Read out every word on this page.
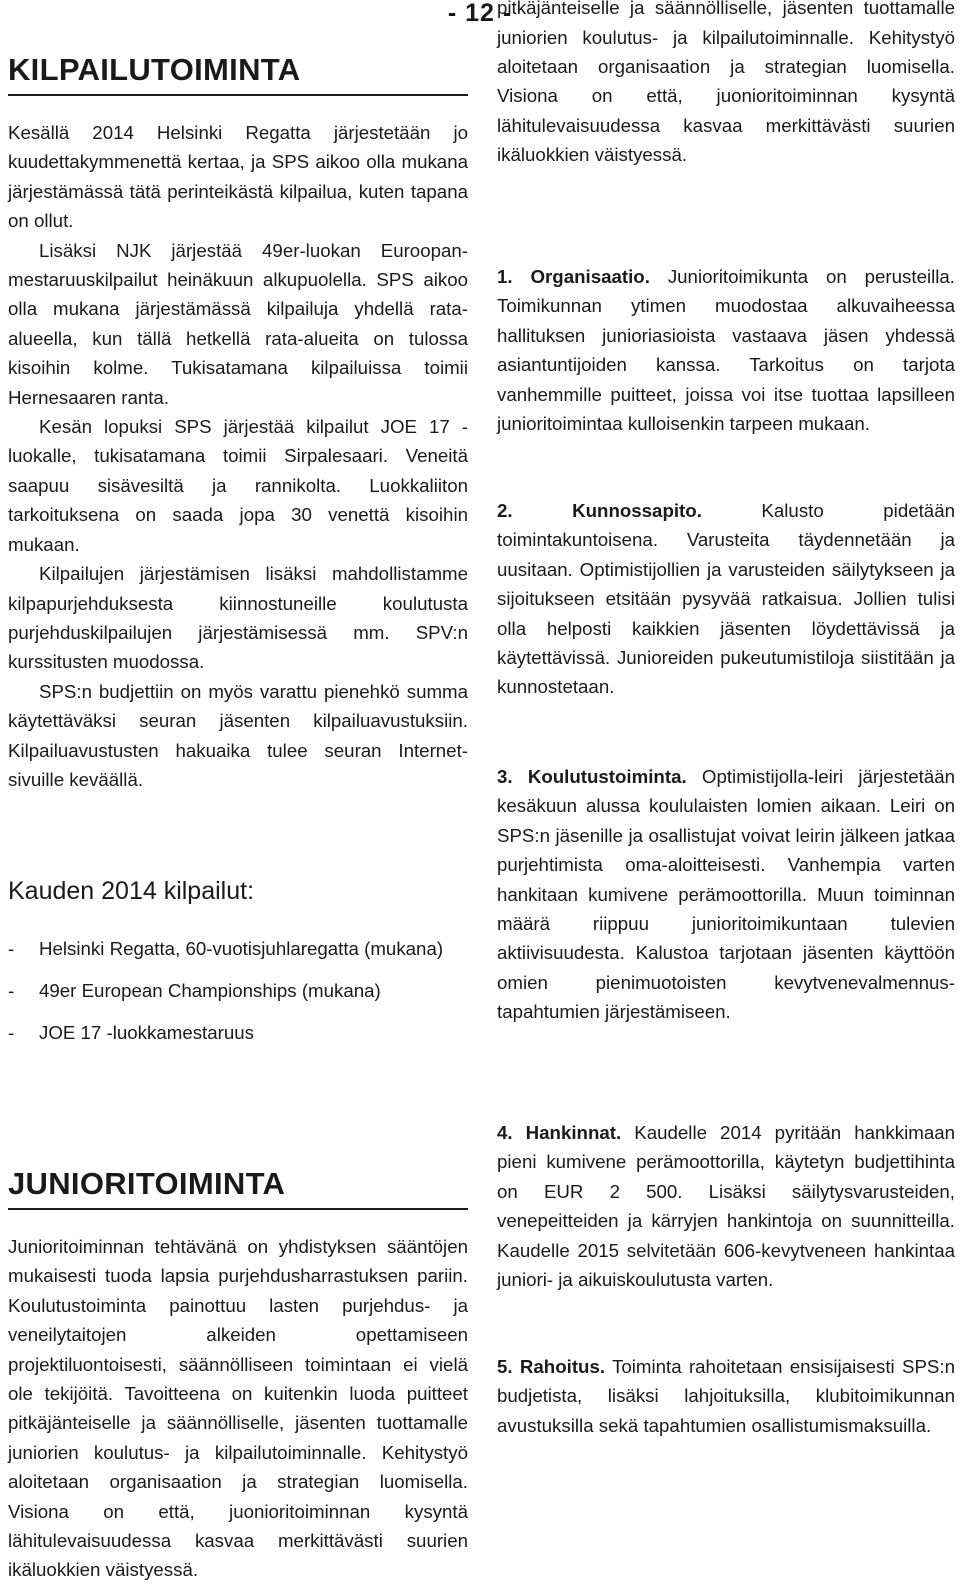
- 12 -
KILPAILUTOIMINTA

Kesällä 2014 Helsinki Regatta järjestetään jo kuudettakymmenettä kertaa, ja SPS aikoo olla mukana järjestämässä tätä perinteikästä kilpailua, kuten tapana on ollut.

Lisäksi NJK järjestää 49er-luokan Euroopan-mestaruuskilpailut heinäkuun alkupuolella. SPS aikoo olla mukana järjestämässä kilpailuja yhdellä rata-alueella, kun tällä hetkellä rata-alueita on tulossa kisoihin kolme. Tukisatamana kilpailuissa toimii Hernesaaren ranta.

Kesän lopuksi SPS järjestää kilpailut JOE 17 -luokalle, tukisatamana toimii Sirpalesaari. Veneitä saapuu sisävesiltä ja rannikolta. Luokkaliiton tarkoituksena on saada jopa 30 venettä kisoihin mukaan.

Kilpailujen järjestämisen lisäksi mahdollistamme kilpapurjehduksesta kiinnostuneille koulutusta purjehduskilpailujen järjestämisessä mm. SPV:n kurssitusten muodossa.

SPS:n budjettiin on myös varattu pienehkö summa käytettäväksi seuran jäsenten kilpailuavustuksiin. Kilpailuavustusten hakuaika tulee seuran Internet-sivuille keväällä.

Kauden 2014 kilpailut:
- Helsinki Regatta, 60-vuotisjuhlaregatta (mukana)
- 49er European Championships (mukana)
- JOE 17 -luokkamestaruus
JUNIORITOIMINTA

Junioritoiminnan tehtävänä on yhdistyksen sääntöjen mukaisesti tuoda lapsia purjehdusharrastuksen pariin. Koulutustoiminta painottuu lasten purjehdus- ja veneilytaitojen alkeiden opettamiseen projektiluontoisesti, säännölliseen toimintaan ei vielä ole tekijöitä. Tavoitteena on kuitenkin luoda puitteet pitkäjänteiselle ja säännölliselle, jäsenten tuottamalle juniorien koulutus- ja kilpailutoiminnalle. Kehitystyö aloitetaan organisaation ja strategian luomisella. Visiona on että, juonioritoiminnan kysyntä lähitulevaisuudessa kasvaa merkittävästi suurien ikäluokkien väistyessä.

pitkäjänteiselle ja säännölliselle, jäsenten tuottamalle juniorien koulutus- ja kilpailutoiminnalle. Kehitystyö aloitetaan organisaation ja strategian luomisella. Visiona on että, juonioritoiminnan kysyntä lähitulevaisuudessa kasvaa merkittävästi suurien ikäluokkien väistyessä.

1. Organisaatio. Junioritoimikunta on perusteilla. Toimikunnan ytimen muodostaa alkuvaiheessa hallituksen junioriasioista vastaava jäsen yhdessä asiantuntijoiden kanssa. Tarkoitus on tarjota vanhemmille puitteet, joissa voi itse tuottaa lapsilleen junioritoimintaa kulloisenkin tarpeen mukaan.

2. Kunnossapito. Kalusto pidetään toimintakuntoisena. Varusteita täydennetään ja uusitaan. Optimistijollien ja varusteiden säilytykseen ja sijoitukseen etsitään pysyvää ratkaisua. Jollien tulisi olla helposti kaikkien jäsenten löydettävissä ja käytettävissä. Junioreiden pukeutumistiloja siistitään ja kunnostetaan.

3. Koulutustoiminta. Optimistijolla-leiri järjestetään kesäkuun alussa koululaisten lomien aikaan. Leiri on SPS:n jäsenille ja osallistujat voivat leirin jälkeen jatkaa purjehtimista oma-aloitteisesti. Vanhempia varten hankitaan kumivene perämoottorilla. Muun toiminnan määrä riippuu junioritoimikuntaan tulevien aktiivisuudesta. Kalustoa tarjotaan jäsenten käyttöön omien pienimuotoisten kevytvenevalmennus-tapahtumien järjestämiseen.

4. Hankinnat. Kaudelle 2014 pyritään hankkimaan pieni kumivene perämoottorilla, käytetyn budjettihinta on EUR 2 500. Lisäksi säilytysvarusteiden, venepeitteiden ja kärryjen hankintoja on suunnitteilla. Kaudelle 2015 selvitetään 606-kevytveneen hankintaa juniori- ja aikuiskoulutusta varten.

5. Rahoitus. Toiminta rahoitetaan ensisijaisesti SPS:n budjetista, lisäksi lahjoituksilla, klubitoimikunnan avustuksilla sekä tapahtumien osallistumismaksuilla.
